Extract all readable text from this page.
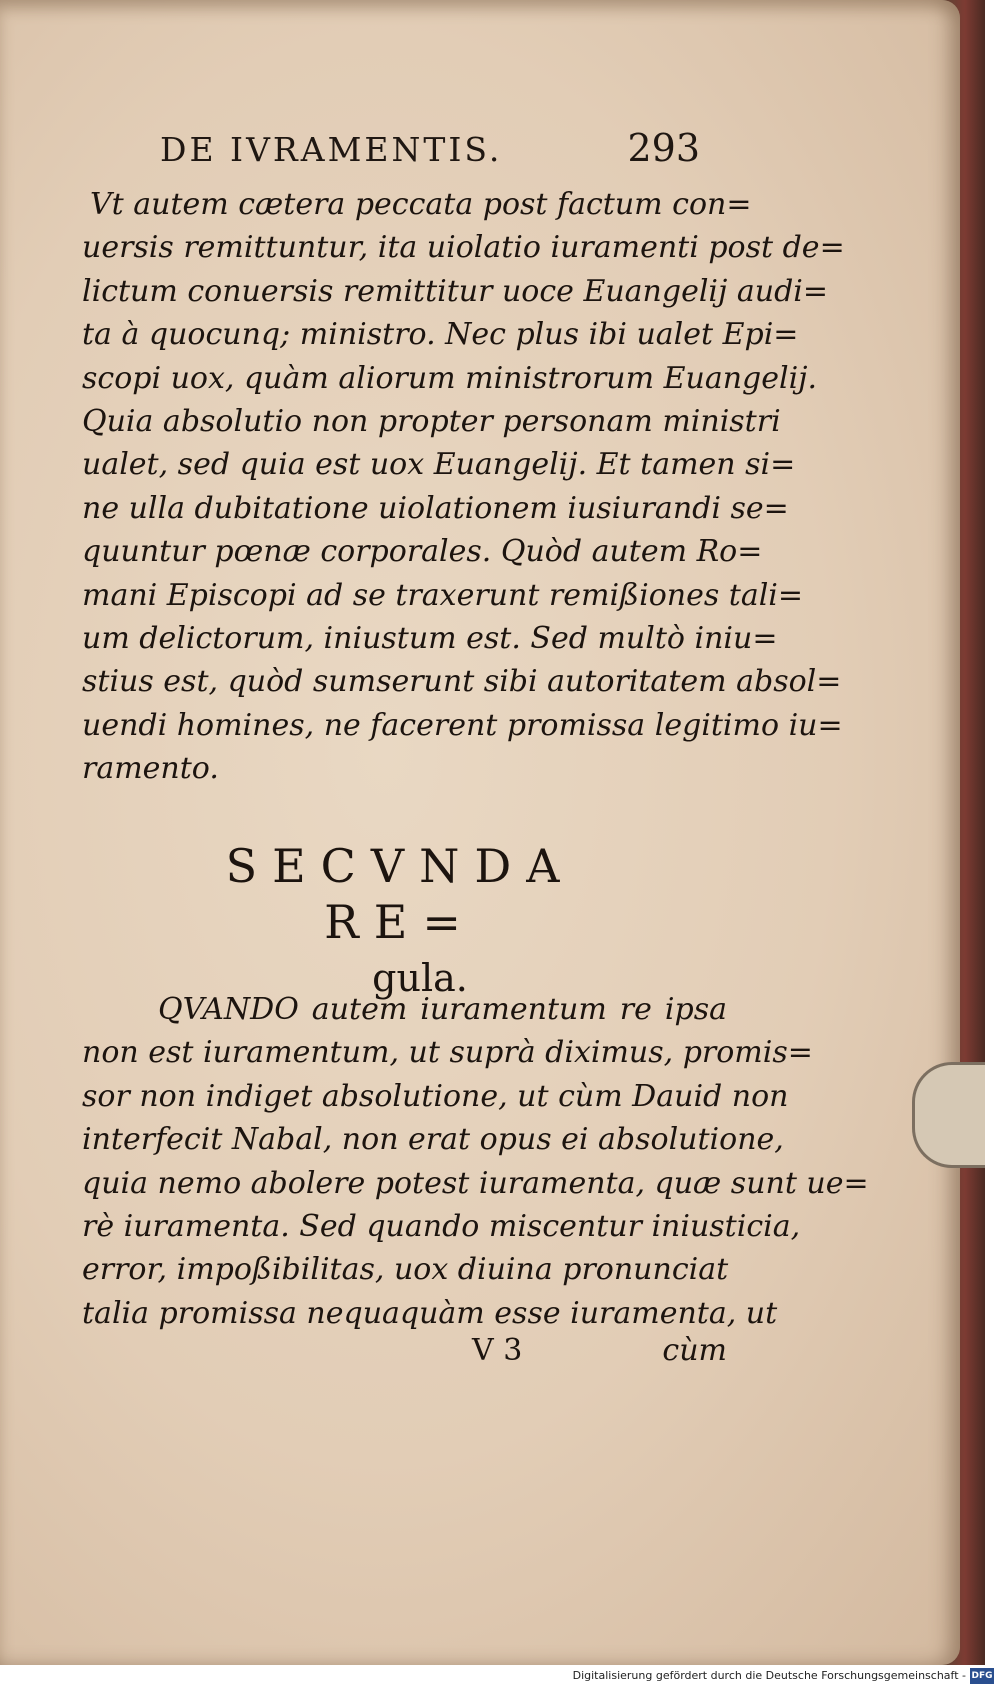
DE IVRAMENTIS.	293
Vt autem cætera peccata post factum con=
uersis remittuntur, ita uiolatio iuramenti post de=
lictum conuersis remittitur uoce Euangelij audi=
ta à quocunq; ministro. Nec plus ibi ualet Epi=
scopi uox, quàm aliorum ministrorum Euangelij.
Quia absolutio non propter personam ministri
ualet, sed quia est uox Euangelij. Et tamen si=
ne ulla dubitatione uiolationem iusiurandi se=
quuntur pœnæ corporales. Quòd autem Ro=
mani Episcopi ad se traxerunt remißiones tali=
um delictorum, iniustum est. Sed multò iniu=
stius est, quòd sumserunt sibi autoritatem absol=
uendi homines, ne facerent promissa legitimo iu=
ramento.
SECVNDA RE=
gula.
QVANDO autem iuramentum re ipsa
non est iuramentum, ut suprà diximus, promis=
sor non indiget absolutione, ut cùm Dauid non
interfecit Nabal, non erat opus ei absolutione,
quia nemo abolere potest iuramenta, quæ sunt ue=
rè iuramenta. Sed quando miscentur iniusticia,
error, impoßibilitas, uox diuina pronunciat
talia promissa nequaquàm esse iuramenta, ut
V 3	cùm
Digitalisierung gefördert durch die Deutsche Forschungsgemeinschaft - DFG
